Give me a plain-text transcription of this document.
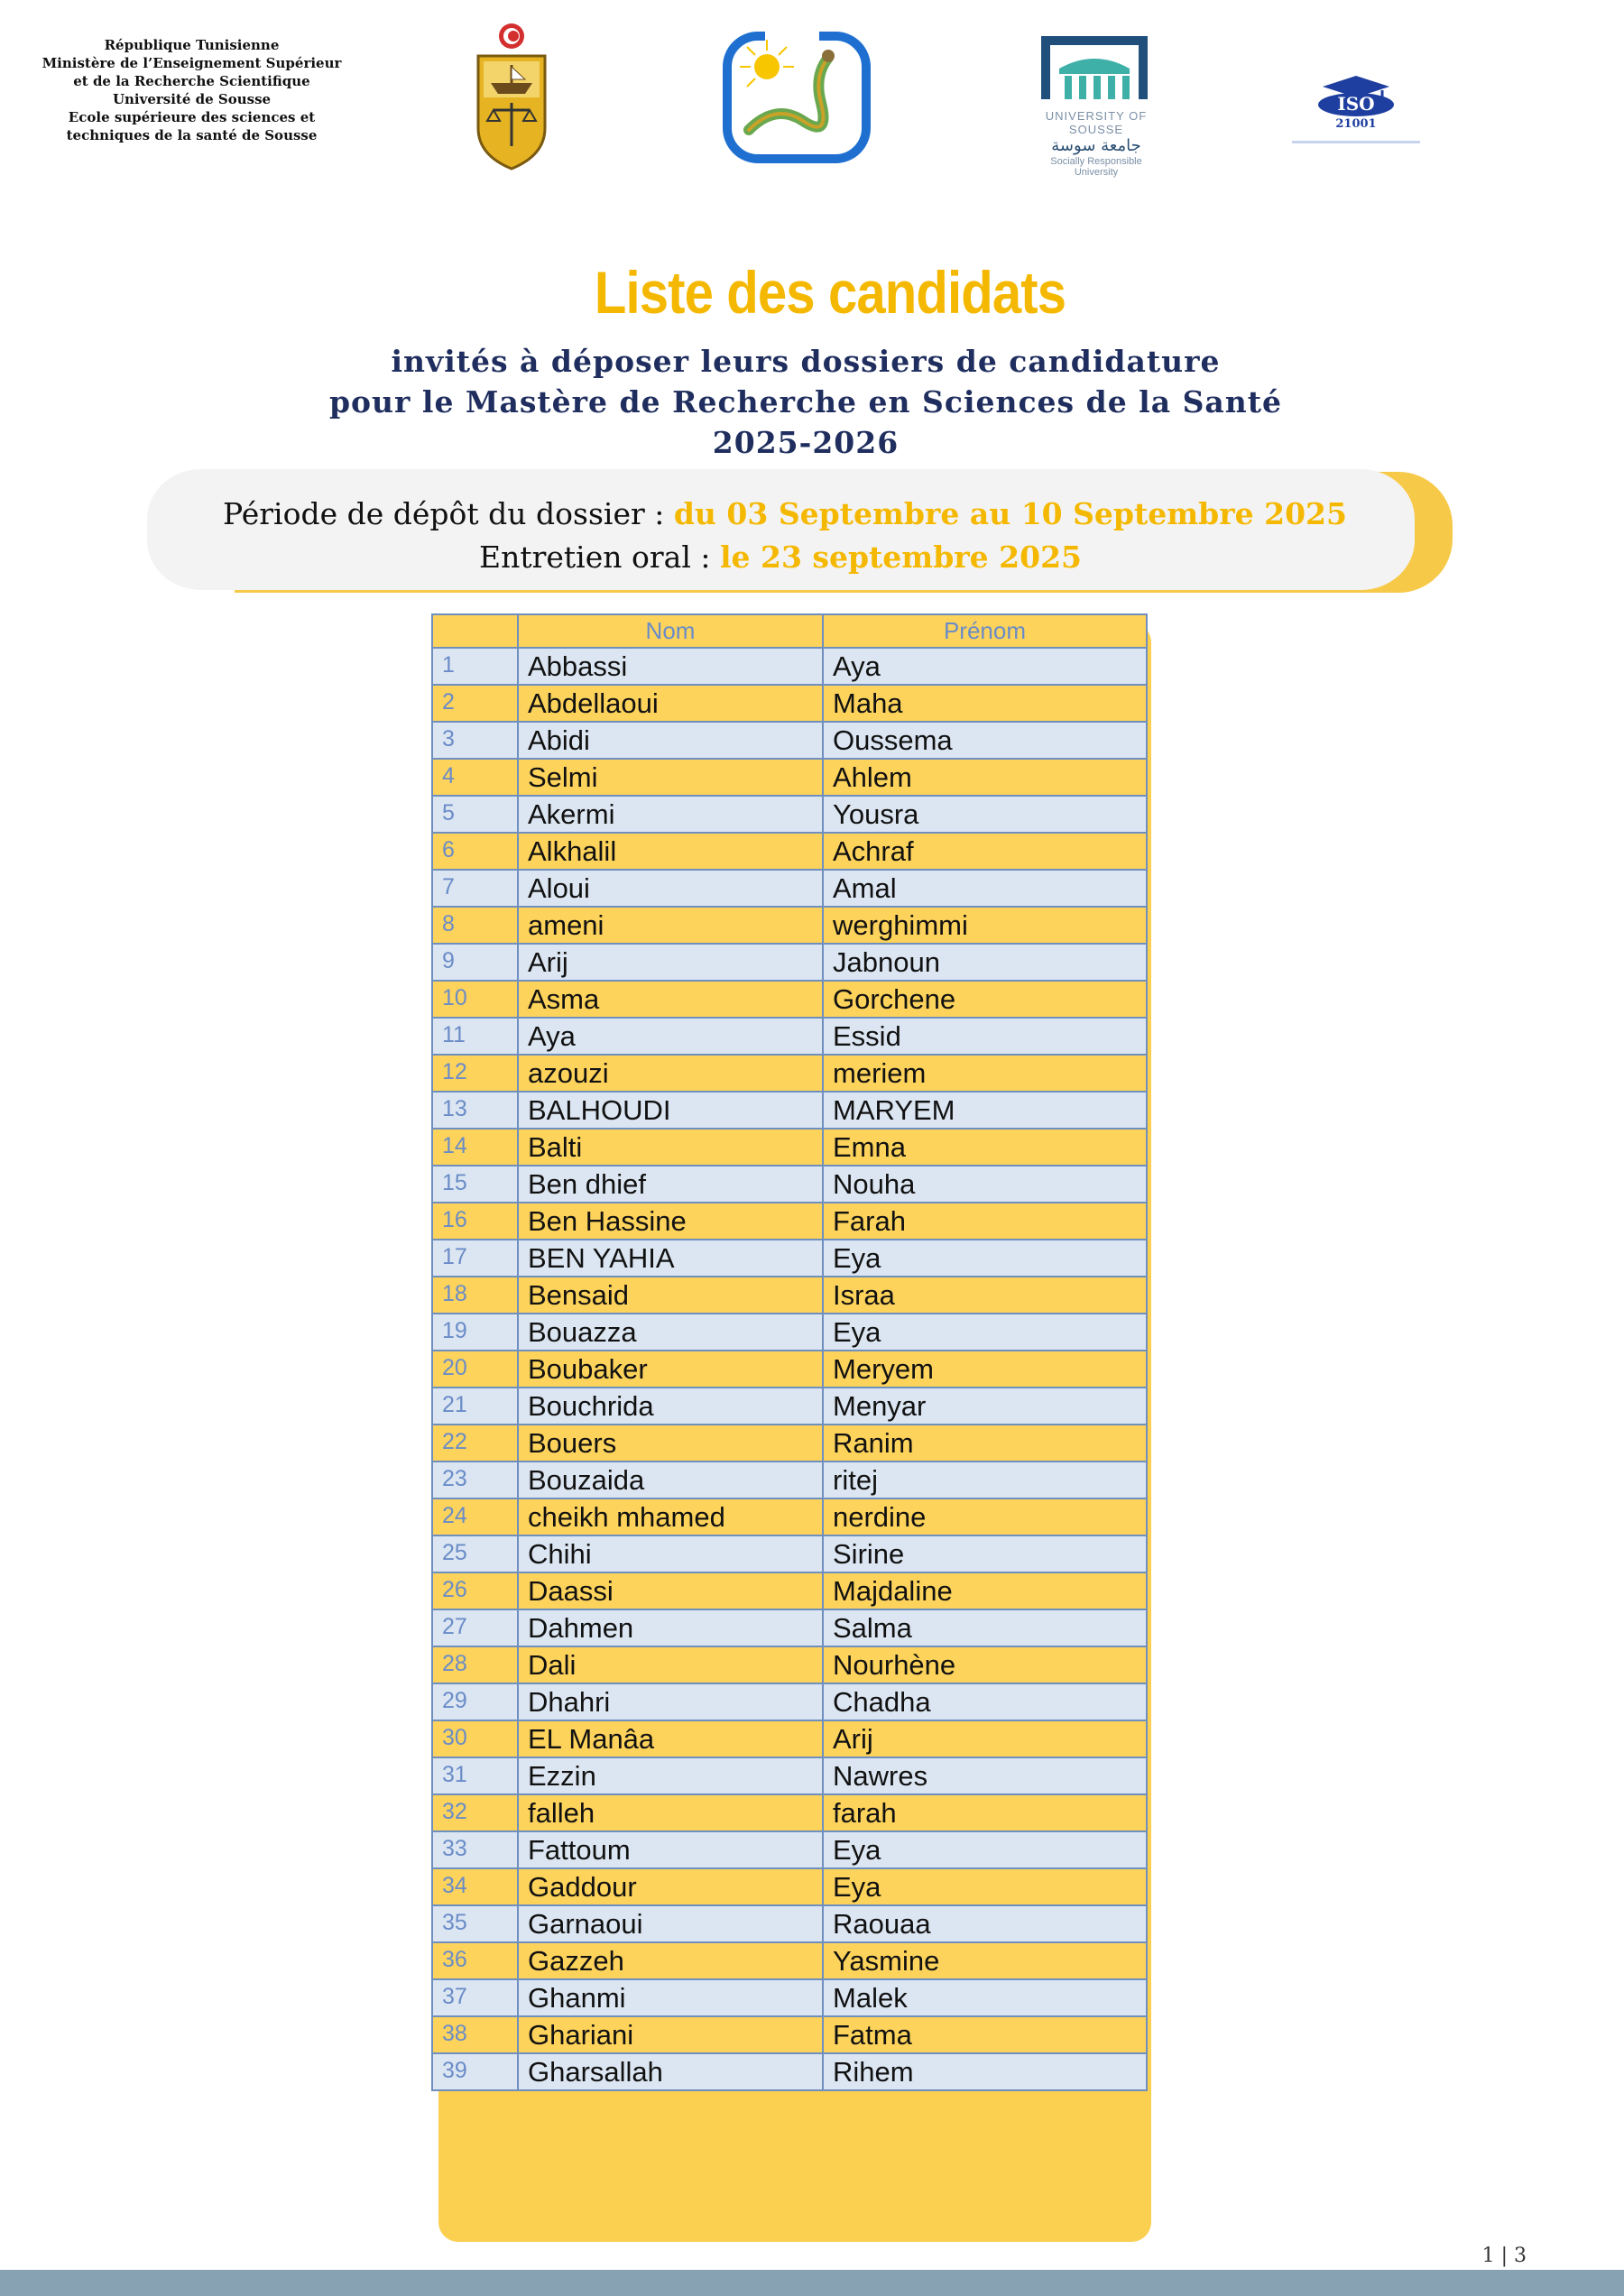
République Tunisienne
Ministère de l’Enseignement Supérieur
et de la Recherche Scientifique
Université de Sousse
Ecole supérieure des sciences et
techniques de la santé de Sousse
UNIVERSITY OF SOUSSE
جامعة سوسة
Socially Responsible University
ISO
21001
Liste des candidats
invités à déposer leurs dossiers de candidature
pour le Mastère de Recherche en Sciences de la Santé
2025-2026
Période de dépôt du dossier : du 03 Septembre au 10 Septembre 2025
Entretien oral : le 23 septembre 2025
	Nom	Prénom
1	Abbassi	Aya
2	Abdellaoui	Maha
3	Abidi	Oussema
4	Selmi	Ahlem
5	Akermi	Yousra
6	Alkhalil	Achraf
7	Aloui	Amal
8	ameni	werghimmi
9	Arij	Jabnoun
10	Asma	Gorchene
11	Aya	Essid
12	azouzi	meriem
13	BALHOUDI	MARYEM
14	Balti	Emna
15	Ben dhief	Nouha
16	Ben Hassine	Farah
17	BEN YAHIA	Eya
18	Bensaid	Israa
19	Bouazza	Eya
20	Boubaker	Meryem
21	Bouchrida	Menyar
22	Bouers	Ranim
23	Bouzaida	ritej
24	cheikh mhamed	nerdine
25	Chihi	Sirine
26	Daassi	Majdaline
27	Dahmen	Salma
28	Dali	Nourhène
29	Dhahri	Chadha
30	EL Manâa	Arij
31	Ezzin	Nawres
32	falleh	farah
33	Fattoum	Eya
34	Gaddour	Eya
35	Garnaoui	Raouaa
36	Gazzeh	Yasmine
37	Ghanmi	Malek
38	Ghariani	Fatma
39	Gharsallah	Rihem
1 | 3
